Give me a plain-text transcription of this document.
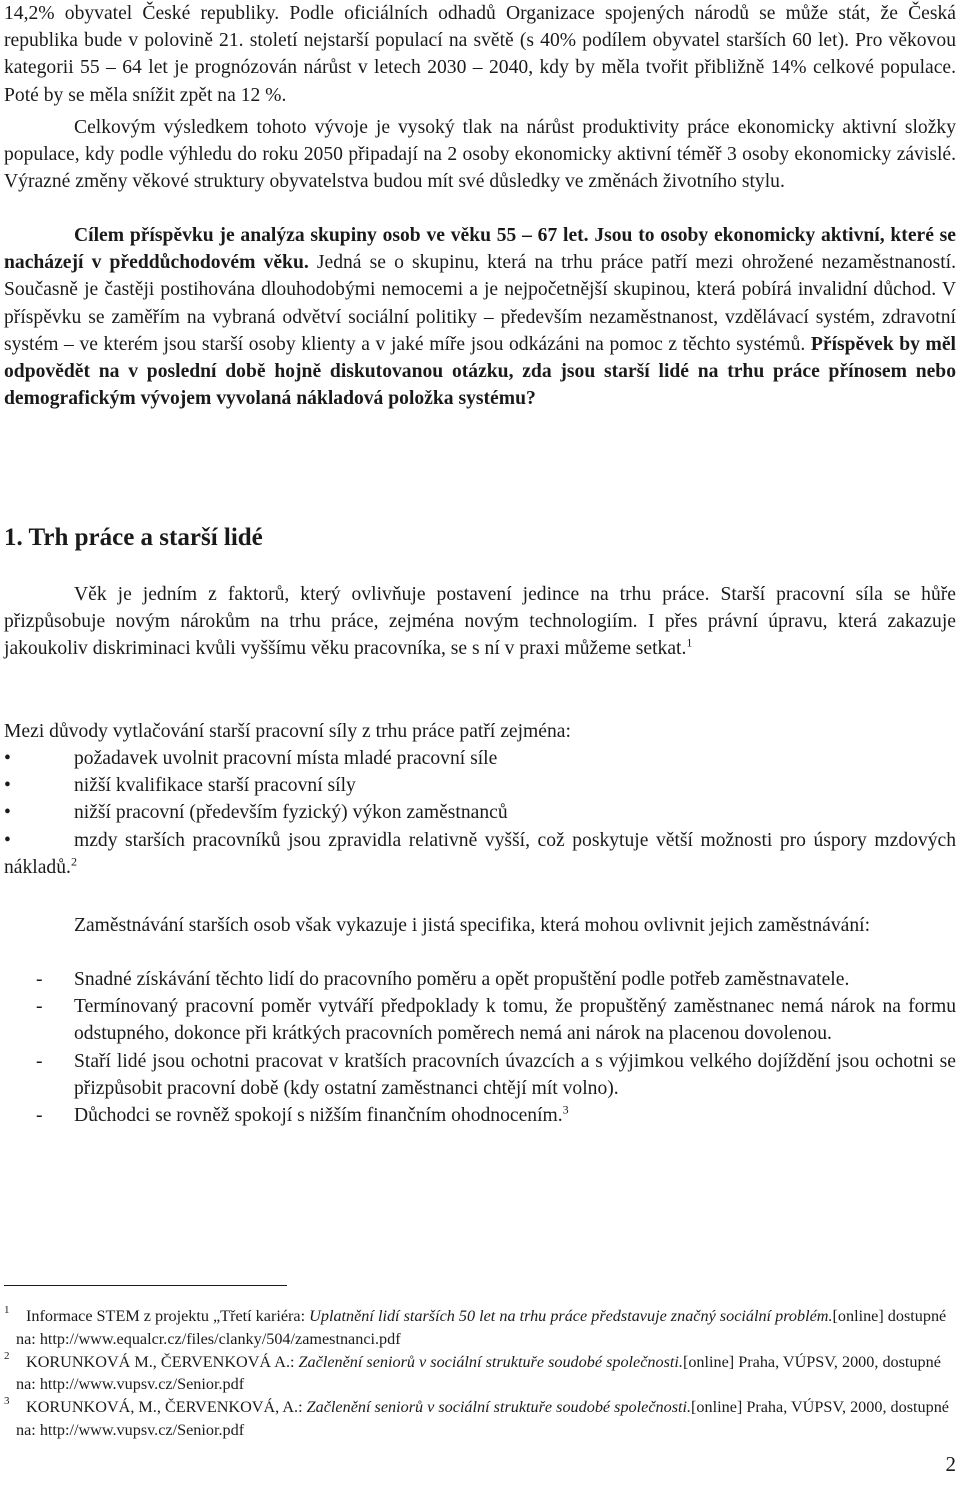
14,2% obyvatel České republiky. Podle oficiálních odhadů Organizace spojených národů se může stát, že Česká republika bude v polovině 21. století nejstarší populací na světě (s 40% podílem obyvatel starších 60 let). Pro věkovou kategorii 55 – 64 let je prognózován nárůst v letech 2030 – 2040, kdy by měla tvořit přibližně 14% celkové populace. Poté by se měla snížit zpět na 12 %.

Celkovým výsledkem tohoto vývoje je vysoký tlak na nárůst produktivity práce ekonomicky aktivní složky populace, kdy podle výhledu do roku 2050 připadají na 2 osoby ekonomicky aktivní téměř 3 osoby ekonomicky závislé. Výrazné změny věkové struktury obyvatelstva budou mít své důsledky ve změnách životního stylu.

Cílem příspěvku je analýza skupiny osob ve věku 55 – 67 let. Jsou to osoby ekonomicky aktivní, které se nacházejí v předdůchodovém věku. Jedná se o skupinu, která na trhu práce patří mezi ohrožené nezaměstnaností. Současně je častěji postihována dlouhodobými nemocemi a je nejpočetnější skupinou, která pobírá invalidní důchod. V příspěvku se zaměřím na vybraná odvětví sociální politiky – především nezaměstnanost, vzdělávací systém, zdravotní systém – ve kterém jsou starší osoby klienty a v jaké míře jsou odkázáni na pomoc z těchto systémů. Příspěvek by měl odpovědět na v poslední době hojně diskutovanou otázku, zda jsou starší lidé na trhu práce přínosem nebo demografickým vývojem vyvolaná nákladová položka systému?

1. Trh práce a starší lidé

Věk je jedním z faktorů, který ovlivňuje postavení jedince na trhu práce. Starší pracovní síla se hůře přizpůsobuje novým nárokům na trhu práce, zejména novým technologiím. I přes právní úpravu, která zakazuje jakoukoliv diskriminaci kvůli vyššímu věku pracovníka, se s ní v praxi můžeme setkat.$^1$

Mezi důvody vytlačování starší pracovní síly z trhu práce patří zejména:

•	požadavek uvolnit pracovní místa mladé pracovní síle
•	nižší kvalifikace starší pracovní síly
•	nižší pracovní (především fyzický) výkon zaměstnanců
•	mzdy starších pracovníků jsou zpravidla relativně vyšší, což poskytuje větší možnosti pro úspory mzdových nákladů.$^2$

Zaměstnávání starších osob však vykazuje i jistá specifika, která mohou ovlivnit jejich zaměstnávání:

- Snadné získávání těchto lidí do pracovního poměru a opět propuštění podle potřeb zaměstnavatele.
- Termínovaný pracovní poměr vytváří předpoklady k tomu, že propuštěný zaměstnanec nemá nárok na formu odstupného, dokonce při krátkých pracovních poměrech nemá ani nárok na placenou dovolenou.
- Staří lidé jsou ochotni pracovat v kratších pracovních úvazcích a s výjimkou velkého dojíždění jsou ochotni se přizpůsobit pracovní době (kdy ostatní zaměstnanci chtějí mít volno).
- Důchodci se rovněž spokojí s nižším finančním ohodnocením.$^3$
1 Informace STEM z projektu „Třetí kariéra: Uplatnění lidí starších 50 let na trhu práce představuje značný sociální problém.[online] dostupné na: http://www.equalcr.cz/files/clanky/504/zamestnanci.pdf
2 KORUNKOVÁ M., ČERVENKOVÁ A.: Začlenění seniorů v sociální struktuře soudobé společnosti.[online] Praha, VÚPSV, 2000, dostupné na: http://www.vupsv.cz/Senior.pdf
3 KORUNKOVÁ, M., ČERVENKOVÁ, A.: Začlenění seniorů v sociální struktuře soudobé společnosti.[online] Praha, VÚPSV, 2000, dostupné na: http://www.vupsv.cz/Senior.pdf
2
